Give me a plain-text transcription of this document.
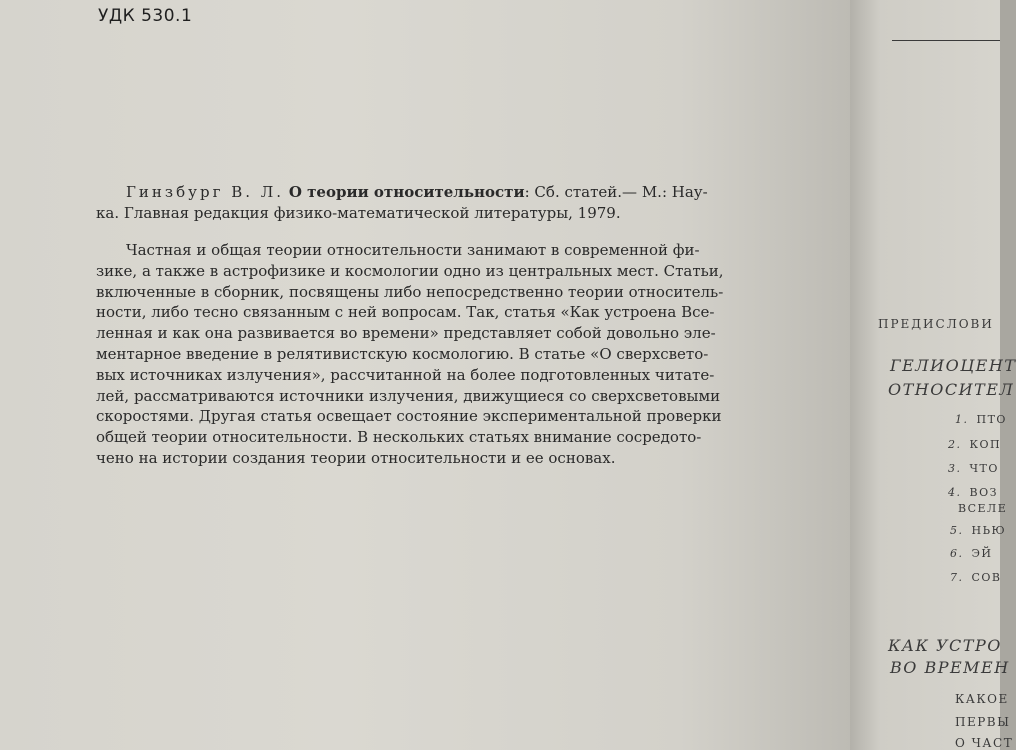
УДК 530.1
Гинзбург В. Л. О теории относительности: Сб. статей.— М.: Нау-
ка. Главная редакция физико-математической литературы, 1979.
Частная и общая теории относительности занимают в современной фи-
зике, а также в астрофизике и космологии одно из центральных мест. Статьи,
включенные в сборник, посвящены либо непосредственно теории относитель-
ности, либо тесно связанным с ней вопросам. Так, статья «Как устроена Все-
ленная и как она развивается во времени» представляет собой довольно эле-
ментарное введение в релятивистскую космологию. В статье «О сверхсвето-
вых источниках излучения», рассчитанной на более подготовленных читате-
лей, рассматриваются источники излучения, движущиеся со сверхсветовыми
скоростями. Другая статья освещает состояние экспериментальной проверки
общей теории относительности. В нескольких статьях внимание сосредото-
чено на истории создания теории относительности и ее основах.
ПРЕДИСЛОВИ
ГЕЛИОЦЕНТ
ОТНОСИТЕЛ
1. ПТО
2. КОП
3. ЧТО
4. ВОЗ
ВСЕЛЕ
5. НЬЮ
6. ЭЙ
7. СОВ
КАК УСТРО
ВО ВРЕМЕН
КАКОЕ
ПЕРВЫ
О ЧАСТ
